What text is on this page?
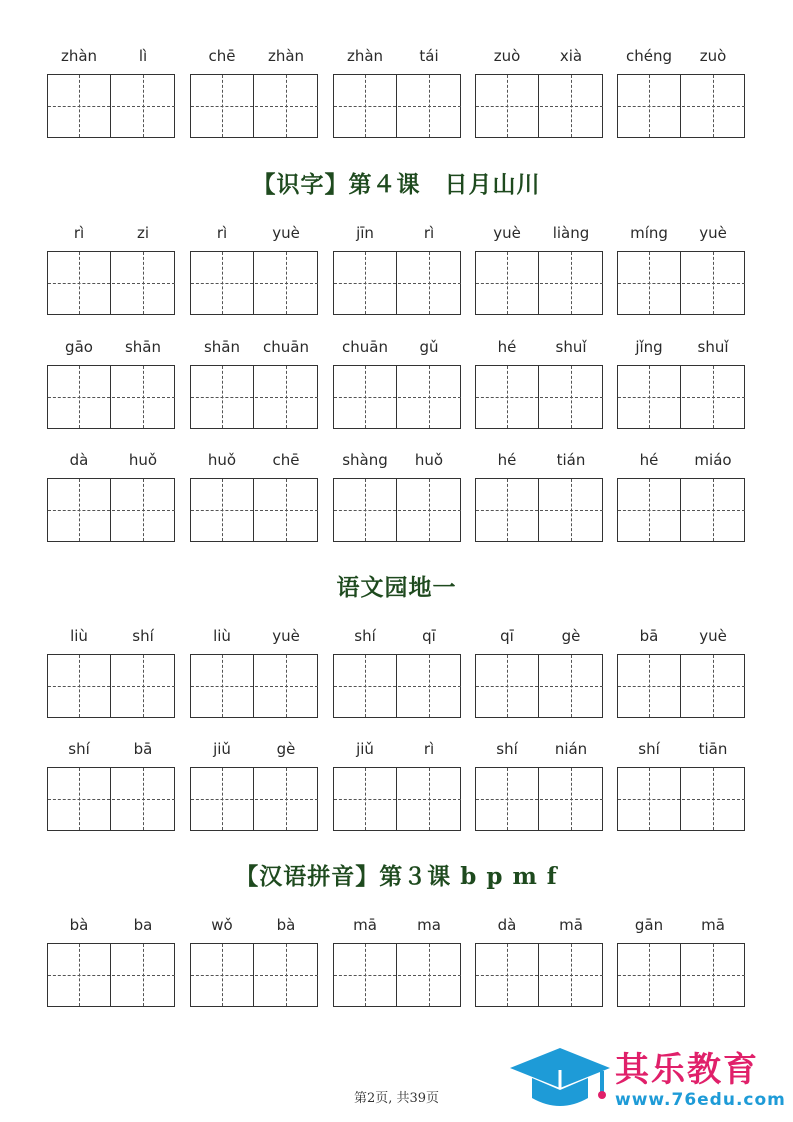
zhàn	lì	chē	zhàn	zhàn	tái	zuò	xià	chéng	zuò
【识字】第４课　日月山川
rì	zi	rì	yuè	jīn	rì	yuè	liàng	míng	yuè
gāo	shān	shān	chuān	chuān	gǔ	hé	shuǐ	jǐng	shuǐ
dà	huǒ	huǒ	chē	shàng	huǒ	hé	tián	hé	miáo
语文园地一
liù	shí	liù	yuè	shí	qī	qī	gè	bā	yuè
shí	bā	jiǔ	gè	jiǔ	rì	shí	nián	shí	tiān
【汉语拼音】第３课 b p m f
bà	ba	wǒ	bà	mā	ma	dà	mā	gān	mā
第2页, 共39页
其乐教育
www.76edu.com
